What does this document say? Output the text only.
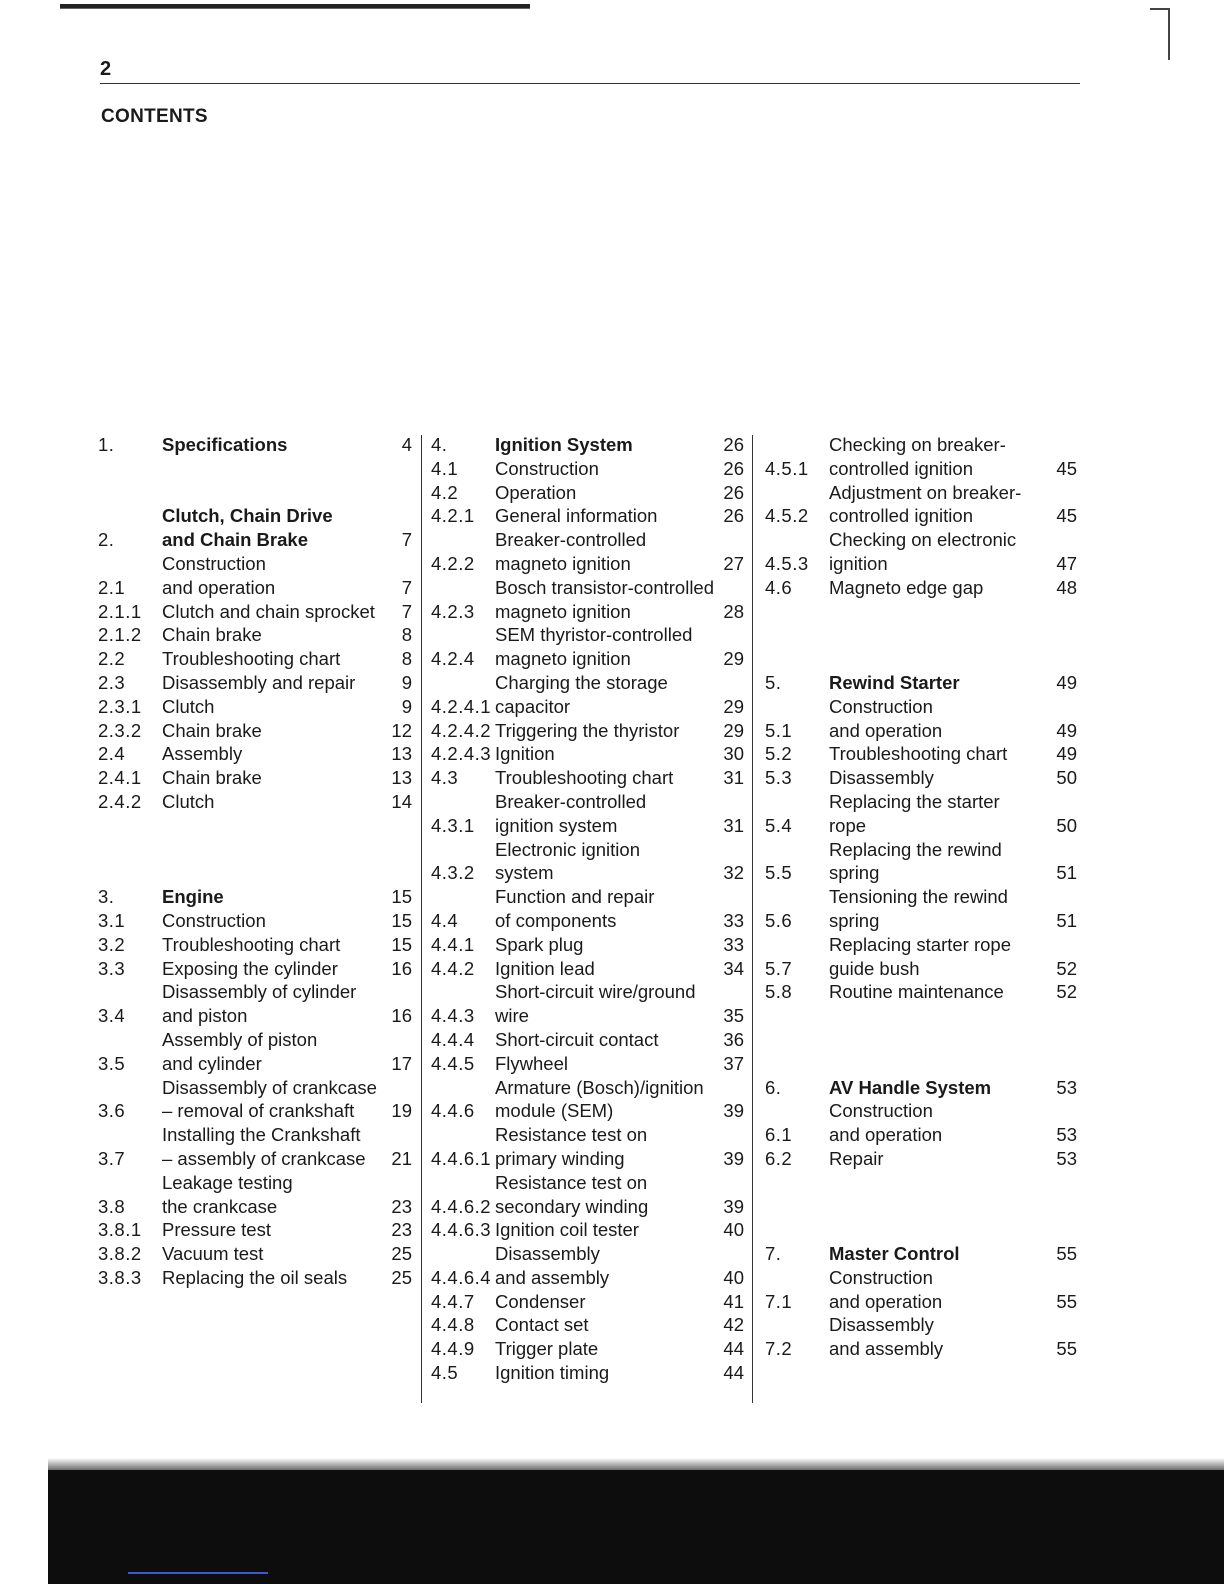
2
CONTENTS
1.	Specifications	4
2.
Clutch, Chain Drive
and Chain Brake	7
2.1
Construction
and operation	7
2.1.1	Clutch and chain sprocket	7
2.1.2	Chain brake	8
2.2	Troubleshooting chart	8
2.3	Disassembly and repair	9
2.3.1	Clutch	9
2.3.2	Chain brake	12
2.4	Assembly	13
2.4.1	Chain brake	13
2.4.2	Clutch	14
3.	Engine	15
3.1	Construction	15
3.2	Troubleshooting chart	15
3.3	Exposing the cylinder	16
3.4
Disassembly of cylinder
and piston	16
3.5
Assembly of piston
and cylinder	17
3.6
Disassembly of crankcase
– removal of crankshaft	19
3.7
Installing the Crankshaft
– assembly of crankcase	21
3.8
Leakage testing
the crankcase	23
3.8.1	Pressure test	23
3.8.2	Vacuum test	25
3.8.3	Replacing the oil seals	25
4.	Ignition System	26
4.1	Construction	26
4.2	Operation	26
4.2.1	General information	26
4.2.2
Breaker-controlled
magneto ignition	27
4.2.3
Bosch transistor-controlled
magneto ignition	28
4.2.4
SEM thyristor-controlled
magneto ignition	29
4.2.4.1
Charging the storage
capacitor	29
4.2.4.2 Triggering the thyristor	29
4.2.4.3 Ignition	30
4.3	Troubleshooting chart	31
4.3.1
Breaker-controlled
ignition system	31
4.3.2
Electronic ignition
system	32
4.4
Function and repair
of components	33
4.4.1	Spark plug	33
4.4.2	Ignition lead	34
4.4.3
Short-circuit wire/ground
wire	35
4.4.4	Short-circuit contact	36
4.4.5	Flywheel	37
4.4.6
Armature (Bosch)/ignition
module (SEM)	39
4.4.6.1
Resistance test on
primary winding	39
4.4.6.2
Resistance test on
secondary winding	39
4.4.6.3 Ignition coil tester	40
4.4.6.4
Disassembly
and assembly	40
4.4.7	Condenser	41
4.4.8	Contact set	42
4.4.9	Trigger plate	44
4.5	Ignition timing	44
4.5.1
Checking on breaker-
controlled ignition	45
4.5.2
Adjustment on breaker-
controlled ignition	45
4.5.3
Checking on electronic
ignition	47
4.6	Magneto edge gap	48
5.	Rewind Starter	49
5.1
Construction
and operation	49
5.2	Troubleshooting chart	49
5.3	Disassembly	50
5.4
Replacing the starter
rope	50
5.5
Replacing the rewind
spring	51
5.6
Tensioning the rewind
spring	51
5.7
Replacing starter rope
guide bush	52
5.8	Routine maintenance	52
6.	AV Handle System	53
6.1
Construction
and operation	53
6.2	Repair	53
7.	Master Control	55
7.1
Construction
and operation	55
7.2
Disassembly
and assembly	55
